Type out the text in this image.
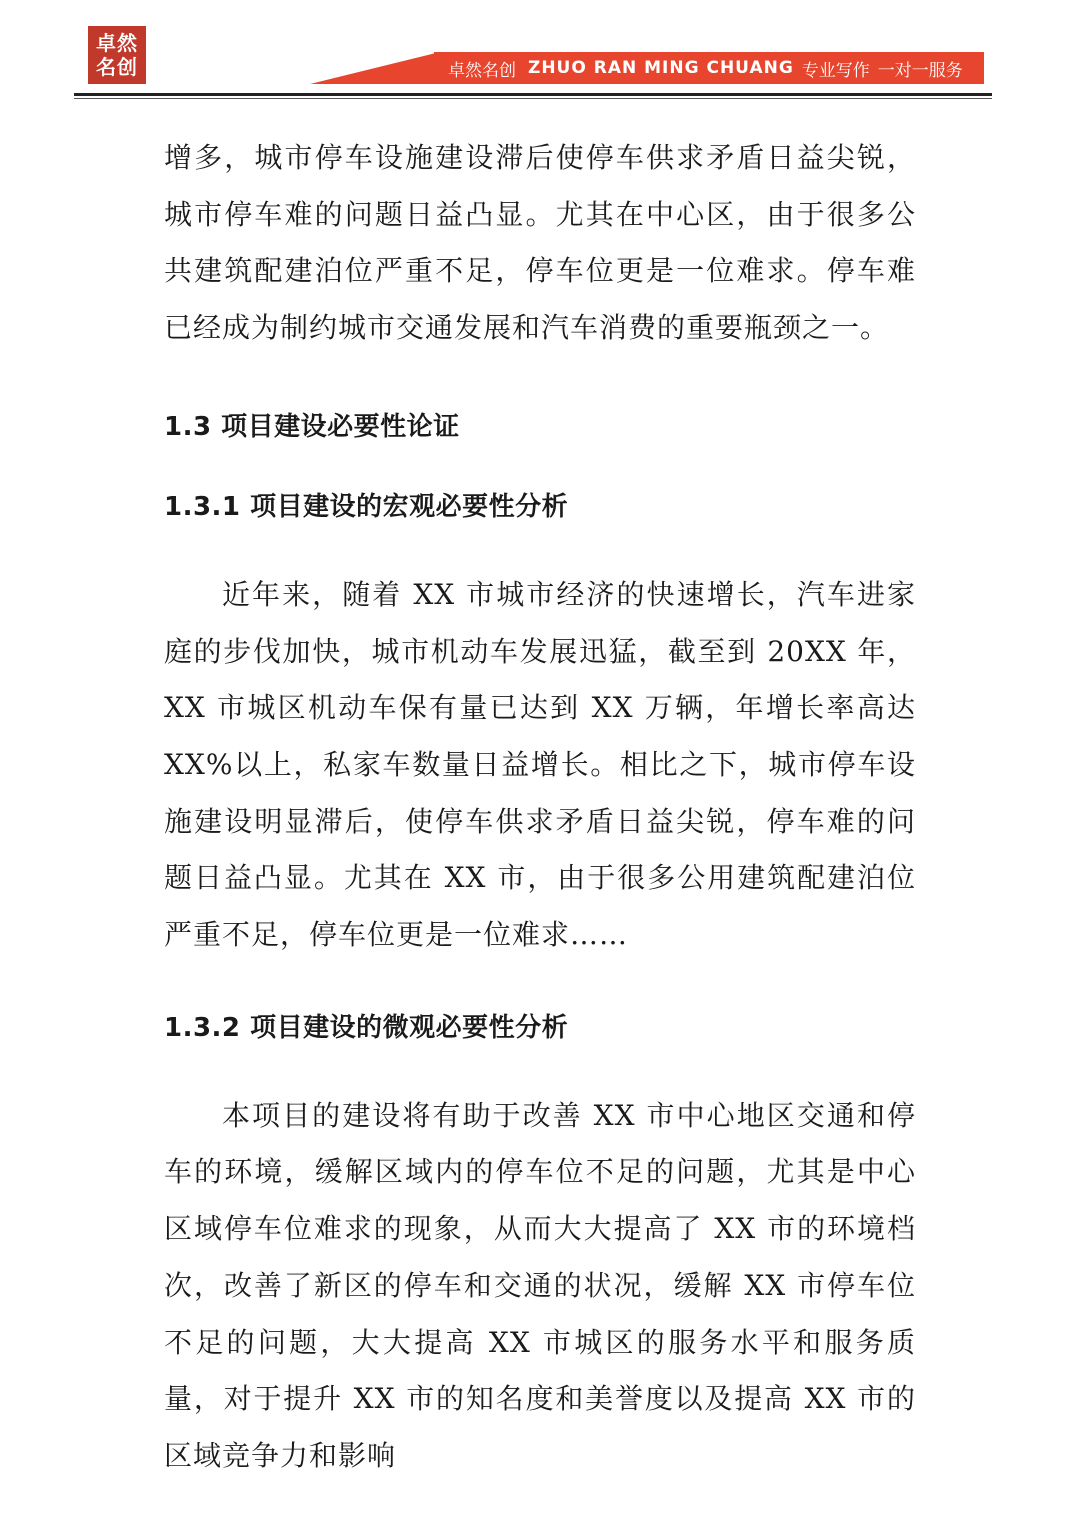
卓然
名创	卓然名创 ZHUO RAN MING CHUANG 专业写作 一对一服务

增多，城市停车设施建设滞后使停车供求矛盾日益尖锐，城市停车难的问题日益凸显。尤其在中心区，由于很多公共建筑配建泊位严重不足，停车位更是一位难求。停车难已经成为制约城市交通发展和汽车消费的重要瓶颈之一。

1.3 项目建设必要性论证
1.3.1 项目建设的宏观必要性分析

近年来，随着 XX 市城市经济的快速增长，汽车进家庭的步伐加快，城市机动车发展迅猛，截至到 20XX 年，XX 市城区机动车保有量已达到 XX 万辆，年增长率高达 XX%以上，私家车数量日益增长。相比之下，城市停车设施建设明显滞后，使停车供求矛盾日益尖锐，停车难的问题日益凸显。尤其在 XX 市，由于很多公用建筑配建泊位严重不足，停车位更是一位难求……

1.3.2 项目建设的微观必要性分析

本项目的建设将有助于改善 XX 市中心地区交通和停车的环境，缓解区域内的停车位不足的问题，尤其是中心区域停车位难求的现象，从而大大提高了 XX 市的环境档次，改善了新区的停车和交通的状况，缓解 XX 市停车位不足的问题，大大提高 XX 市城区的服务水平和服务质量，对于提升 XX 市的知名度和美誉度以及提高 XX 市的区域竞争力和影响
